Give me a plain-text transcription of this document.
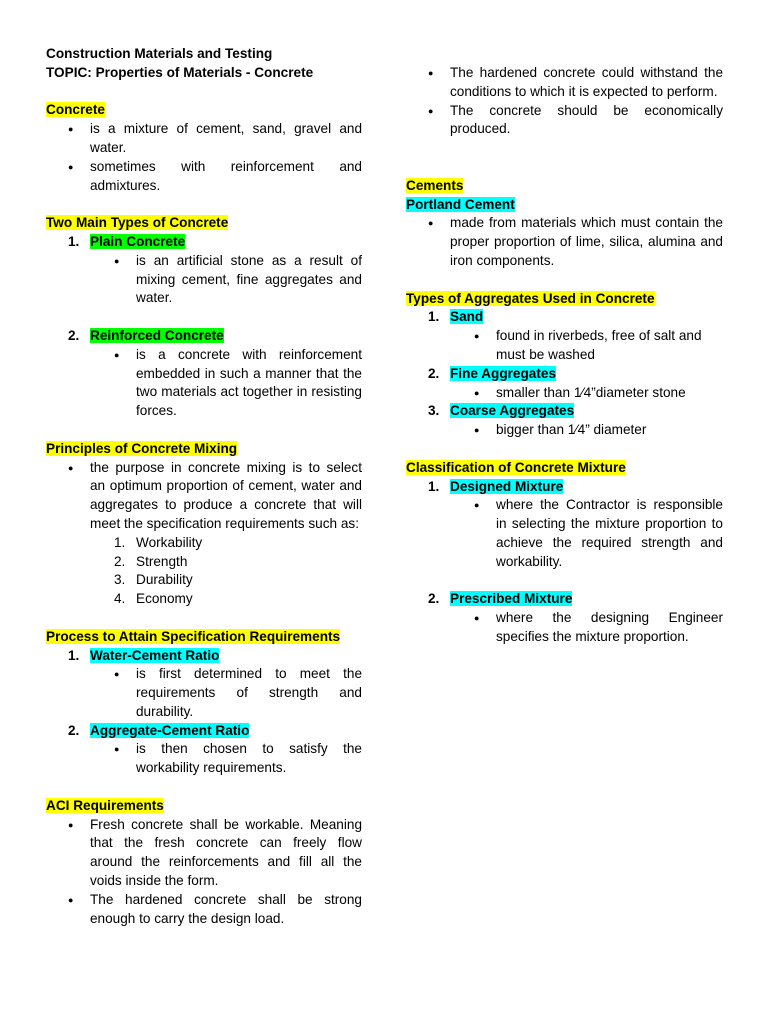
Construction Materials and Testing
TOPIC: Properties of Materials - Concrete
Concrete
● is a mixture of cement, sand, gravel and water.
● sometimes with reinforcement and admixtures.
Two Main Types of Concrete
1. Plain Concrete
● is an artificial stone as a result of mixing cement, fine aggregates and water.
2. Reinforced Concrete
● is a concrete with reinforcement embedded in such a manner that the two materials act together in resisting forces.
Principles of Concrete Mixing
● the purpose in concrete mixing is to select an optimum proportion of cement, water and aggregates to produce a concrete that will meet the specification requirements such as:
1. Workability
2. Strength
3. Durability
4. Economy
Process to Attain Specification Requirements
1. Water-Cement Ratio
● is first determined to meet the requirements of strength and durability.
2. Aggregate-Cement Ratio
● is then chosen to satisfy the workability requirements.
ACI Requirements
● Fresh concrete shall be workable. Meaning that the fresh concrete can freely flow around the reinforcements and fill all the voids inside the form.
● The hardened concrete shall be strong enough to carry the design load.
● The hardened concrete could withstand the conditions to which it is expected to perform.
● The concrete should be economically produced.
Cements
Portland Cement
● made from materials which must contain the proper proportion of lime, silica, alumina and iron components.
Types of Aggregates Used in Concrete
1. Sand
● found in riverbeds, free of salt and must be washed
2. Fine Aggregates
● smaller than 1⁄4”diameter stone
3. Coarse Aggregates
● bigger than 1⁄4” diameter
Classification of Concrete Mixture
1. Designed Mixture
● where the Contractor is responsible in selecting the mixture proportion to achieve the required strength and workability.
2. Prescribed Mixture
● where the designing Engineer specifies the mixture proportion.
